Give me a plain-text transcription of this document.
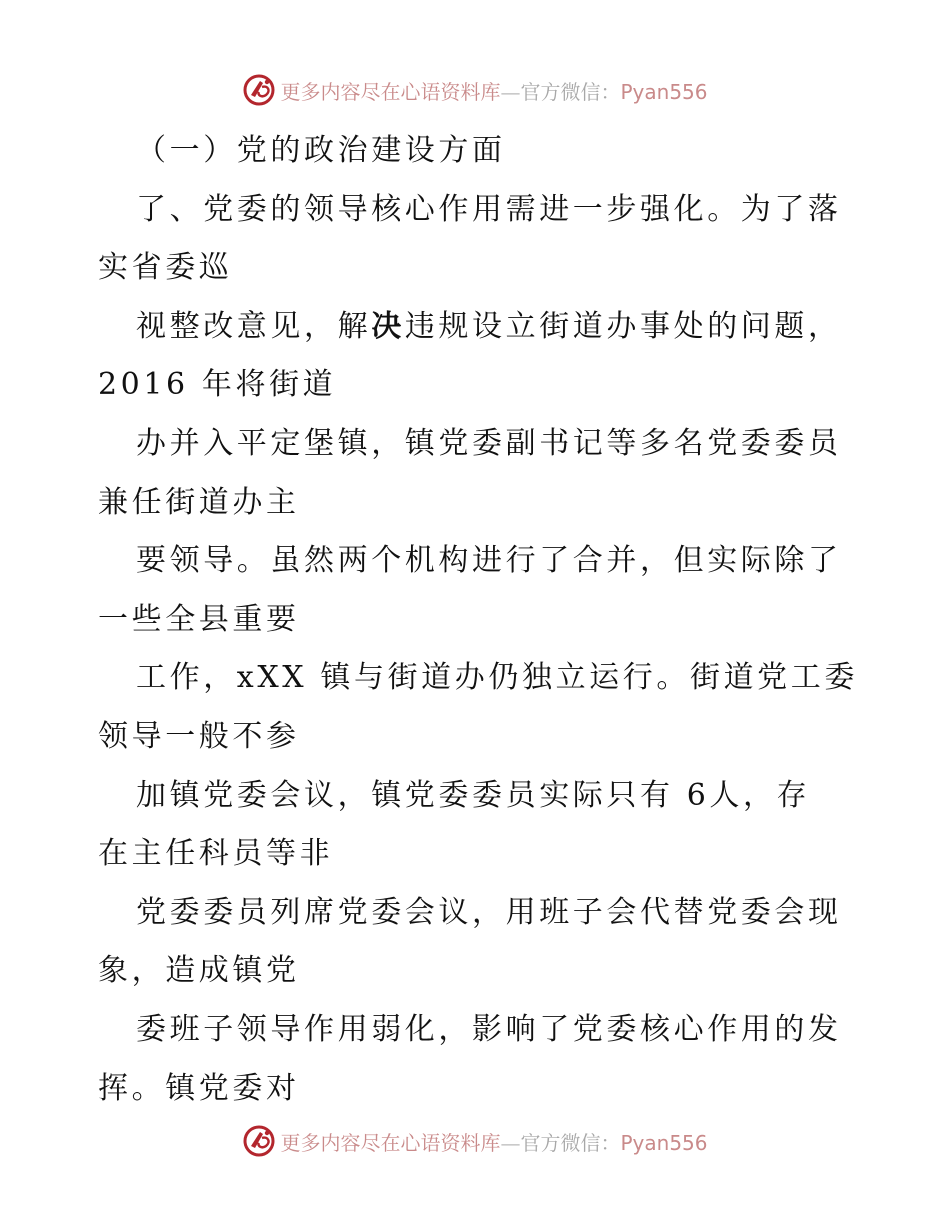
更多内容尽在心语资料库—官方微信：Pyan556
（一）党的政治建设方面
了、党委的领导核心作用需进一步强化。为了落
实省委巡
视整改意见，解决违规设立街道办事处的问题，
2016 年将街道
办并入平定堡镇，镇党委副书记等多名党委委员
兼任街道办主
要领导。虽然两个机构进行了合并，但实际除了
一些全县重要
工作，xXX 镇与街道办仍独立运行。街道党工委
领导一般不参
加镇党委会议，镇党委委员实际只有 6人，存
在主任科员等非
党委委员列席党委会议，用班子会代替党委会现
象，造成镇党
委班子领导作用弱化，影响了党委核心作用的发
挥。镇党委对
更多内容尽在心语资料库—官方微信：Pyan556
